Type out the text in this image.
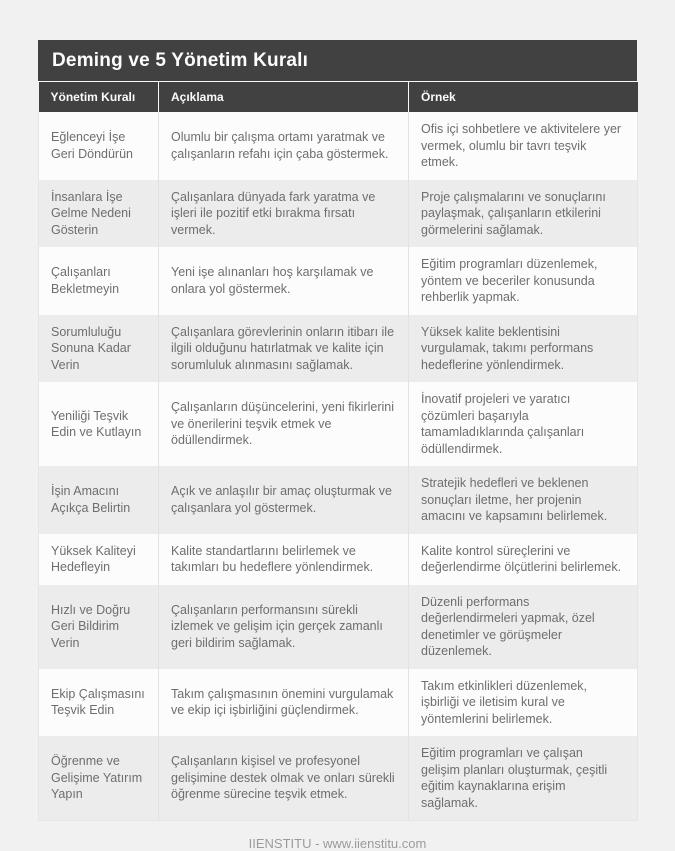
Deming ve 5 Yönetim Kuralı
Yönetim Kuralı	Açıklama	Örnek
Eğlenceyi İşe Geri Döndürün	Olumlu bir çalışma ortamı yaratmak ve çalışanların refahı için çaba göstermek.	Ofis içi sohbetlere ve aktivitelere yer vermek, olumlu bir tavrı teşvik etmek.
İnsanlara İşe Gelme Nedeni Gösterin	Çalışanlara dünyada fark yaratma ve işleri ile pozitif etki bırakma fırsatı vermek.	Proje çalışmalarını ve sonuçlarını paylaşmak, çalışanların etkilerini görmelerini sağlamak.
Çalışanları Bekletmeyin	Yeni işe alınanları hoş karşılamak ve onlara yol göstermek.	Eğitim programları düzenlemek, yöntem ve beceriler konusunda rehberlik yapmak.
Sorumluluğu Sonuna Kadar Verin	Çalışanlara görevlerinin onların itibarı ile ilgili olduğunu hatırlatmak ve kalite için sorumluluk alınmasını sağlamak.	Yüksek kalite beklentisini vurgulamak, takımı performans hedeflerine yönlendirmek.
Yeniliği Teşvik Edin ve Kutlayın	Çalışanların düşüncelerini, yeni fikirlerini ve önerilerini teşvik etmek ve ödüllendirmek.	İnovatif projeleri ve yaratıcı çözümleri başarıyla tamamladıklarında çalışanları ödüllendirmek.
İşin Amacını Açıkça Belirtin	Açık ve anlaşılır bir amaç oluşturmak ve çalışanlara yol göstermek.	Stratejik hedefleri ve beklenen sonuçları iletme, her projenin amacını ve kapsamını belirlemek.
Yüksek Kaliteyi Hedefleyin	Kalite standartlarını belirlemek ve takımları bu hedeflere yönlendirmek.	Kalite kontrol süreçlerini ve değerlendirme ölçütlerini belirlemek.
Hızlı ve Doğru Geri Bildirim Verin	Çalışanların performansını sürekli izlemek ve gelişim için gerçek zamanlı geri bildirim sağlamak.	Düzenli performans değerlendirmeleri yapmak, özel denetimler ve görüşmeler düzenlemek.
Ekip Çalışmasını Teşvik Edin	Takım çalışmasının önemini vurgulamak ve ekip içi işbirliğini güçlendirmek.	Takım etkinlikleri düzenlemek, işbirliği ve iletisim kural ve yöntemlerini belirlemek.
Öğrenme ve Gelişime Yatırım Yapın	Çalışanların kişisel ve profesyonel gelişimine destek olmak ve onları sürekli öğrenme sürecine teşvik etmek.	Eğitim programları ve çalışan gelişim planları oluşturmak, çeşitli eğitim kaynaklarına erişim sağlamak.
IIENSTITU - www.iienstitu.com
